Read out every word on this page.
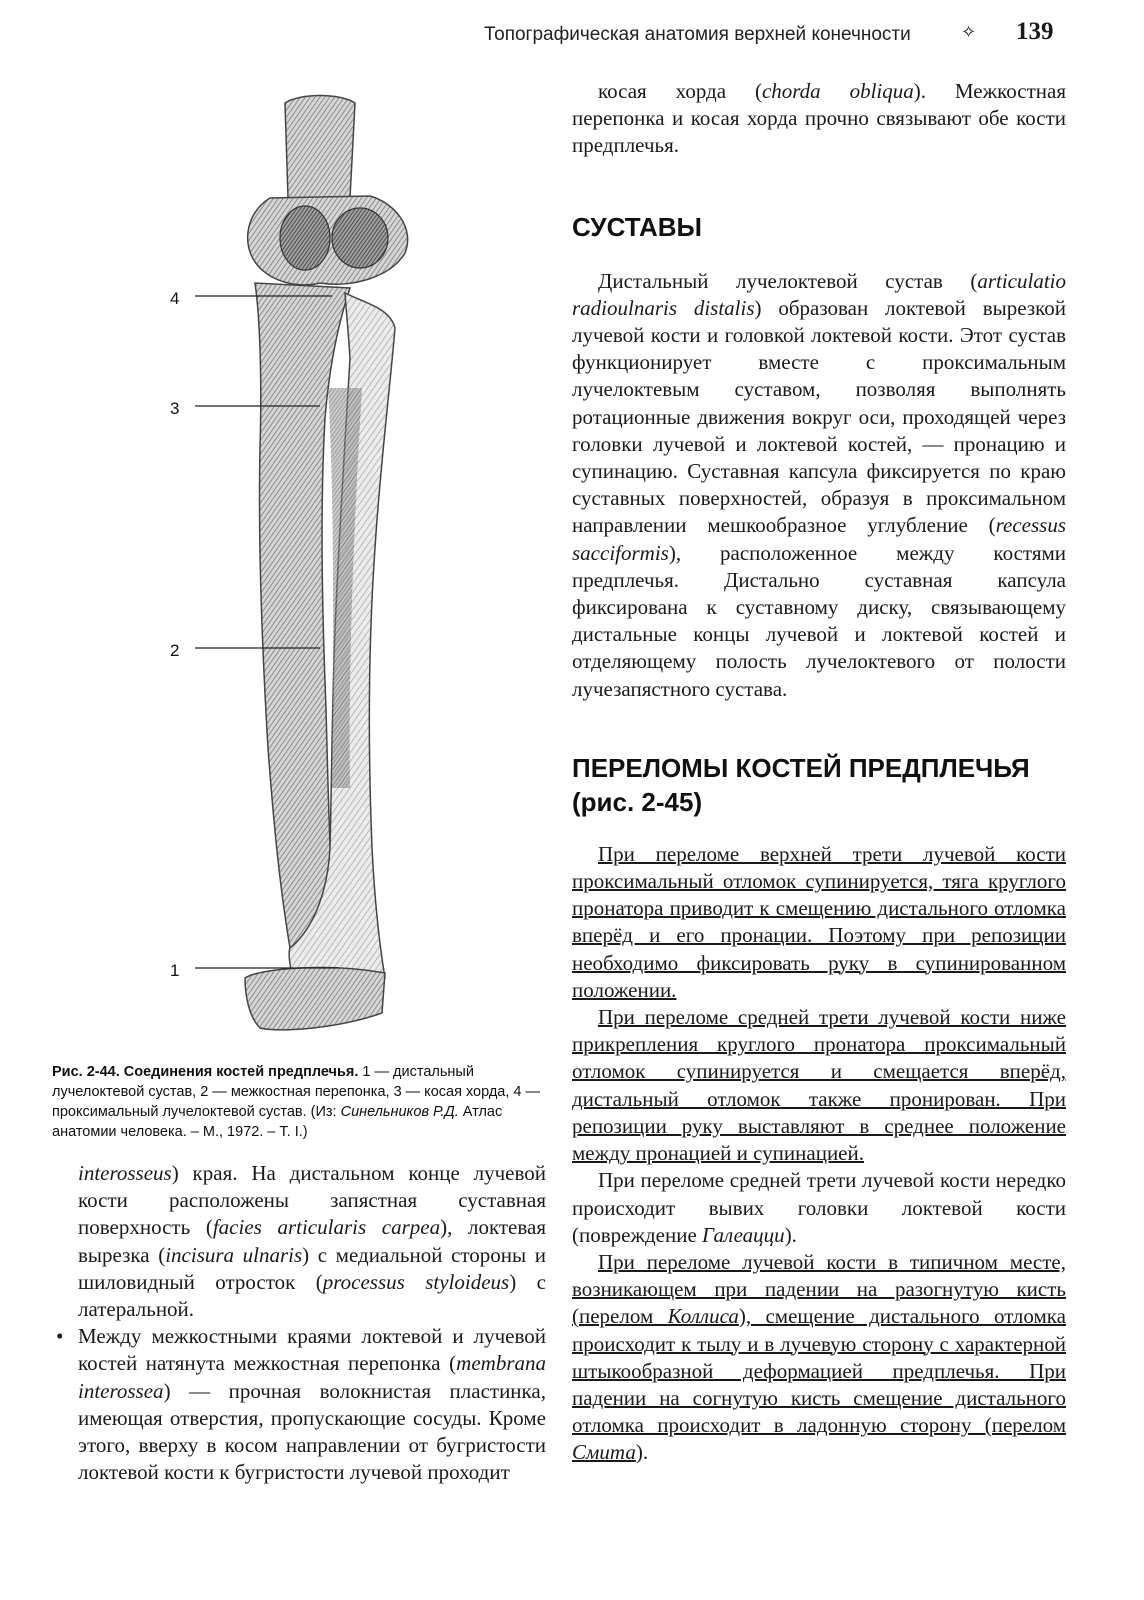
Топографическая анатомия верхней конечности	✧ 139
4
3
2
1
Рис. 2-44. Соединения костей предплечья. 1 — дистальный лучелоктевой сустав, 2 — межкостная перепонка, 3 — косая хорда, 4 — проксимальный лучелоктевой сустав. (Из: Синельников Р.Д. Атлас анатомии человека. – М., 1972. – Т. I.)

interosseus) края. На дистальном конце лучевой кости расположены запястная суставная поверхность (facies articularis carpea), локтевая вырезка (incisura ulnaris) с медиальной стороны и шиловидный отросток (processus styloideus) с латеральной.

• Между межкостными краями локтевой и лучевой костей натянута межкостная перепонка (membrana interossea) — прочная волокнистая пластинка, имеющая отверстия, пропускающие сосуды. Кроме этого, вверху в косом направлении от бугристости локтевой кости к бугристости лучевой проходит

косая хорда (chorda obliqua). Межкостная перепонка и косая хорда прочно связывают обе кости предплечья.

СУСТАВЫ

Дистальный лучелоктевой сустав (articulatio radioulnaris distalis) образован локтевой вырезкой лучевой кости и головкой локтевой кости. Этот сустав функционирует вместе с проксимальным лучелоктевым суставом, позволяя выполнять ротационные движения вокруг оси, проходящей через головки лучевой и локтевой костей, — пронацию и супинацию. Суставная капсула фиксируется по краю суставных поверхностей, образуя в проксимальном направлении мешкообразное углубление (recessus sacciformis), расположенное между костями предплечья. Дистально суставная капсула фиксирована к суставному диску, связывающему дистальные концы лучевой и локтевой костей и отделяющему полость лучелоктевого от полости лучезапястного сустава.

ПЕРЕЛОМЫ КОСТЕЙ ПРЕДПЛЕЧЬЯ
(рис. 2-45)

При переломе верхней трети лучевой кости проксимальный отломок супинируется, тяга круглого пронатора приводит к смещению дистального отломка вперёд и его пронации. Поэтому при репозиции необходимо фиксировать руку в супинированном положении.

При переломе средней трети лучевой кости ниже прикрепления круглого пронатора проксимальный отломок супинируется и смещается вперёд, дистальный отломок также пронирован. При репозиции руку выставляют в среднее положение между пронацией и супинацией.

При переломе средней трети лучевой кости нередко происходит вывих головки локтевой кости (повреждение Галеацци).

При переломе лучевой кости в типичном месте, возникающем при падении на разогнутую кисть (перелом Коллиса), смещение дистального отломка происходит к тылу и в лучевую сторону с характерной штыкообразной деформацией предплечья. При падении на согнутую кисть смещение дистального отломка происходит в ладонную сторону (перелом Смита).
